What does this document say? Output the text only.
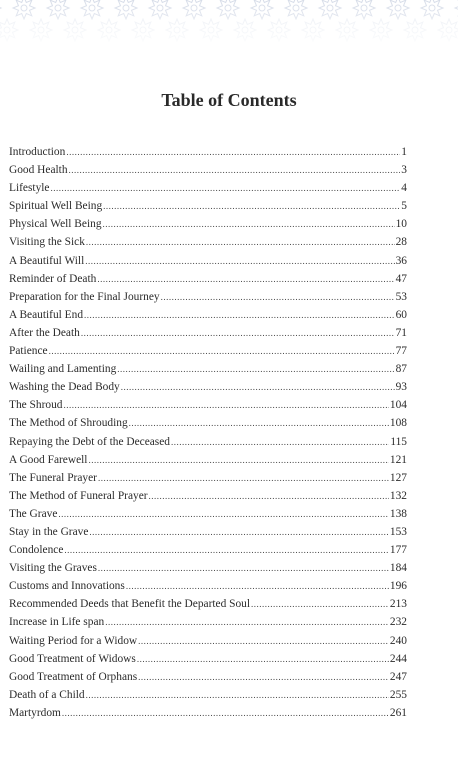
Table of Contents
Introduction .....	1
Good Health .....	3
Lifestyle .....	4
Spiritual Well Being .....	5
Physical Well Being .....	10
Visiting the Sick .....	28
A Beautiful Will .....	36
Reminder of Death .....	47
Preparation for the Final Journey .....	53
A Beautiful End .....	60
After the Death .....	71
Patience .....	77
Wailing and Lamenting .....	87
Washing the Dead Body .....	93
The Shroud .....	104
The Method of Shrouding .....	108
Repaying the Debt of the Deceased .....	115
A Good Farewell .....	121
The Funeral Prayer .....	127
The Method of Funeral Prayer .....	132
The Grave .....	138
Stay in the Grave .....	153
Condolence .....	177
Visiting the Graves .....	184
Customs and Innovations .....	196
Recommended Deeds that Benefit the Departed Soul .....	213
Increase in Life span .....	232
Waiting Period for a Widow .....	240
Good Treatment of Widows .....	244
Good Treatment of Orphans .....	247
Death of a Child .....	255
Martyrdom .....	261
